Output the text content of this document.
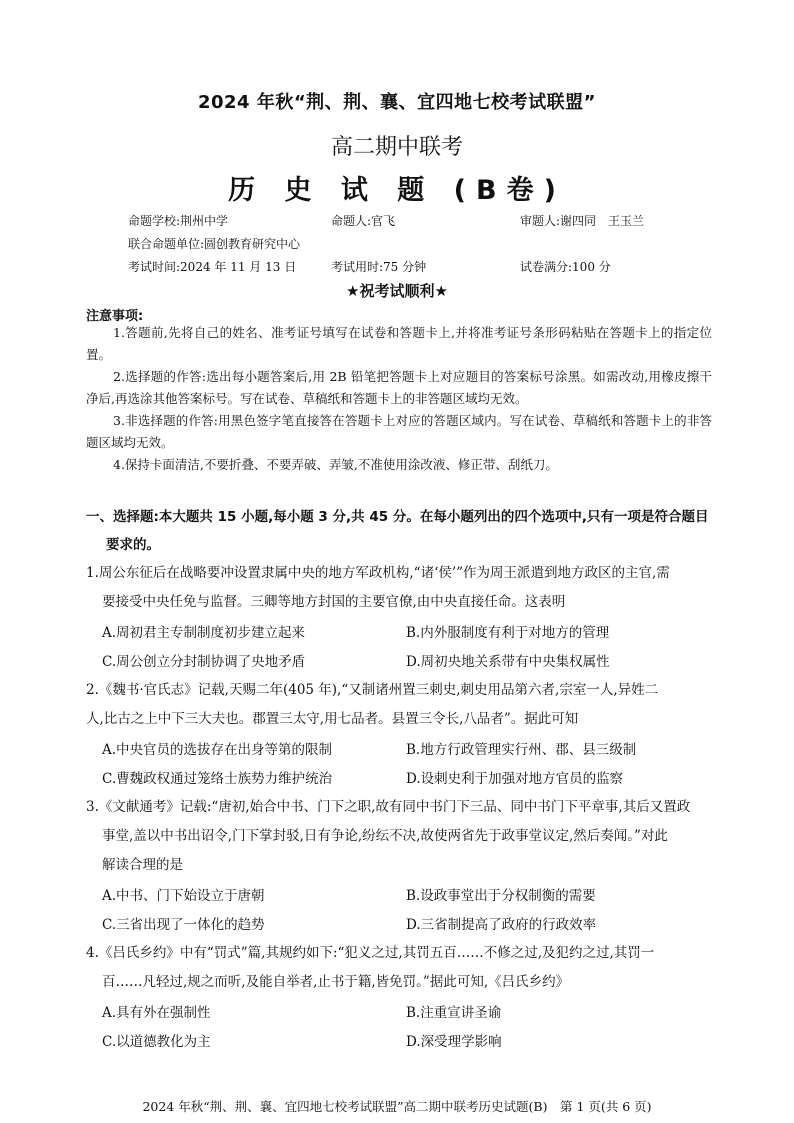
2024 年秋“荆、荆、襄、宜四地七校考试联盟”
高二期中联考
历 史 试 题 (B卷)
命题学校:荆州中学	命题人:官飞	审题人:谢四同　王玉兰
联合命题单位:圆创教育研究中心
考试时间:2024 年 11 月 13 日	考试用时:75 分钟	试卷满分:100 分
★祝考试顺利★
注意事项:
1.答题前,先将自己的姓名、准考证号填写在试卷和答题卡上,并将准考证号条形码粘贴在答题卡上的指定位置。
2.选择题的作答:选出每小题答案后,用 2B 铅笔把答题卡上对应题目的答案标号涂黑。如需改动,用橡皮擦干净后,再选涂其他答案标号。写在试卷、草稿纸和答题卡上的非答题区域均无效。
3.非选择题的作答:用黑色签字笔直接答在答题卡上对应的答题区域内。写在试卷、草稿纸和答题卡上的非答题区域均无效。
4.保持卡面清洁,不要折叠、不要弄破、弄皱,不准使用涂改液、修正带、刮纸刀。
一、选择题:本大题共 15 小题,每小题 3 分,共 45 分。在每小题列出的四个选项中,只有一项是符合题目
要求的。
1.周公东征后在战略要冲设置隶属中央的地方军政机构,“诸‘侯’”作为周王派遣到地方政区的主官,需
要接受中央任免与监督。三卿等地方封国的主要官僚,由中央直接任命。这表明
A.周初君主专制制度初步建立起来	B.内外服制度有利于对地方的管理
C.周公创立分封制协调了央地矛盾	D.周初央地关系带有中央集权属性
2.《魏书·官氏志》记载,天赐二年(405 年),“又制诸州置三刺史,刺史用品第六者,宗室一人,异姓二
人,比古之上中下三大夫也。郡置三太守,用七品者。县置三令长,八品者”。据此可知
A.中央官员的选拔存在出身等第的限制	B.地方行政管理实行州、郡、县三级制
C.曹魏政权通过笼络士族势力维护统治	D.设刺史利于加强对地方官员的监察
3.《文献通考》记载:“唐初,始合中书、门下之职,故有同中书门下三品、同中书门下平章事,其后又置政
事堂,盖以中书出诏令,门下掌封驳,日有争论,纷纭不决,故使两省先于政事堂议定,然后奏闻。”对此
解读合理的是
A.中书、门下始设立于唐朝	B.设政事堂出于分权制衡的需要
C.三省出现了一体化的趋势	D.三省制提高了政府的行政效率
4.《吕氏乡约》中有“罚式”篇,其规约如下:“犯义之过,其罚五百……不修之过,及犯约之过,其罚一
百……凡轻过,规之而听,及能自举者,止书于籍,皆免罚。”据此可知,《吕氏乡约》
A.具有外在强制性	B.注重宣讲圣谕
C.以道德教化为主	D.深受理学影响
2024 年秋“荆、荆、襄、宜四地七校考试联盟”高二期中联考历史试题(B)　第 1 页(共 6 页)
